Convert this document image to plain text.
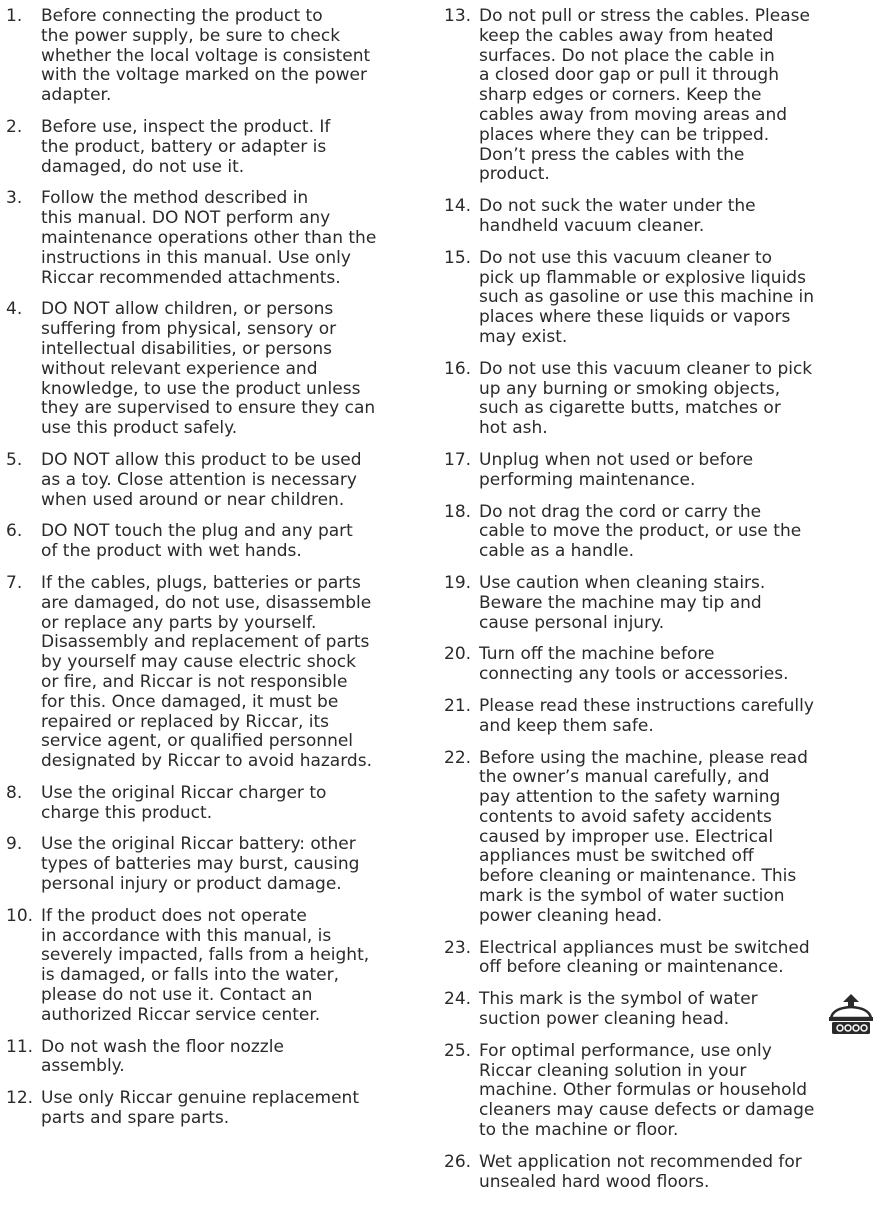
1.	Before connecting the product to
the power supply, be sure to check
whether the local voltage is consistent
with the voltage marked on the power
adapter.
2.	Before use, inspect the product. If
the product, battery or adapter is
damaged, do not use it.
3.	Follow the method described in
this manual. DO NOT perform any
maintenance operations other than the
instructions in this manual. Use only
Riccar recommended attachments.
4.	DO NOT allow children, or persons
suffering from physical, sensory or
intellectual disabilities, or persons
without relevant experience and
knowledge, to use the product unless
they are supervised to ensure they can
use this product safely.
5.	DO NOT allow this product to be used
as a toy. Close attention is necessary
when used around or near children.
6.	DO NOT touch the plug and any part
of the product with wet hands.
7.	If the cables, plugs, batteries or parts
are damaged, do not use, disassemble
or replace any parts by yourself.
Disassembly and replacement of parts
by yourself may cause electric shock
or fire, and Riccar is not responsible
for this. Once damaged, it must be
repaired or replaced by Riccar, its
service agent, or qualified personnel
designated by Riccar to avoid hazards.
8.	Use the original Riccar charger to
charge this product.
9.	Use the original Riccar battery: other
types of batteries may burst, causing
personal injury or product damage.
10. If the product does not operate
in accordance with this manual, is
severely impacted, falls from a height,
is damaged, or falls into the water,
please do not use it. Contact an
authorized Riccar service center.
11. Do not wash the floor nozzle
assembly.
12. Use only Riccar genuine replacement
parts and spare parts.
13. Do not pull or stress the cables. Please
keep the cables away from heated
surfaces. Do not place the cable in
a closed door gap or pull it through
sharp edges or corners. Keep the
cables away from moving areas and
places where they can be tripped.
Don’t press the cables with the
product.
14. Do not suck the water under the
handheld vacuum cleaner.
15. Do not use this vacuum cleaner to
pick up flammable or explosive liquids
such as gasoline or use this machine in
places where these liquids or vapors
may exist.
16. Do not use this vacuum cleaner to pick
up any burning or smoking objects,
such as cigarette butts, matches or
hot ash.
17. Unplug when not used or before
performing maintenance.
18. Do not drag the cord or carry the
cable to move the product, or use the
cable as a handle.
19. Use caution when cleaning stairs.
Beware the machine may tip and
cause personal injury.
20. Turn off the machine before
connecting any tools or accessories.
21. Please read these instructions carefully
and keep them safe.
22. Before using the machine, please read
the owner’s manual carefully, and
pay attention to the safety warning
contents to avoid safety accidents
caused by improper use. Electrical
appliances must be switched off
before cleaning or maintenance. This
mark is the symbol of water suction
power cleaning head.
23. Electrical appliances must be switched
off before cleaning or maintenance.
24. This mark is the symbol of water
suction power cleaning head.
25. For optimal performance, use only
Riccar cleaning solution in your
machine. Other formulas or household
cleaners may cause defects or damage
to the machine or floor.
26. Wet application not recommended for
unsealed hard wood floors.
